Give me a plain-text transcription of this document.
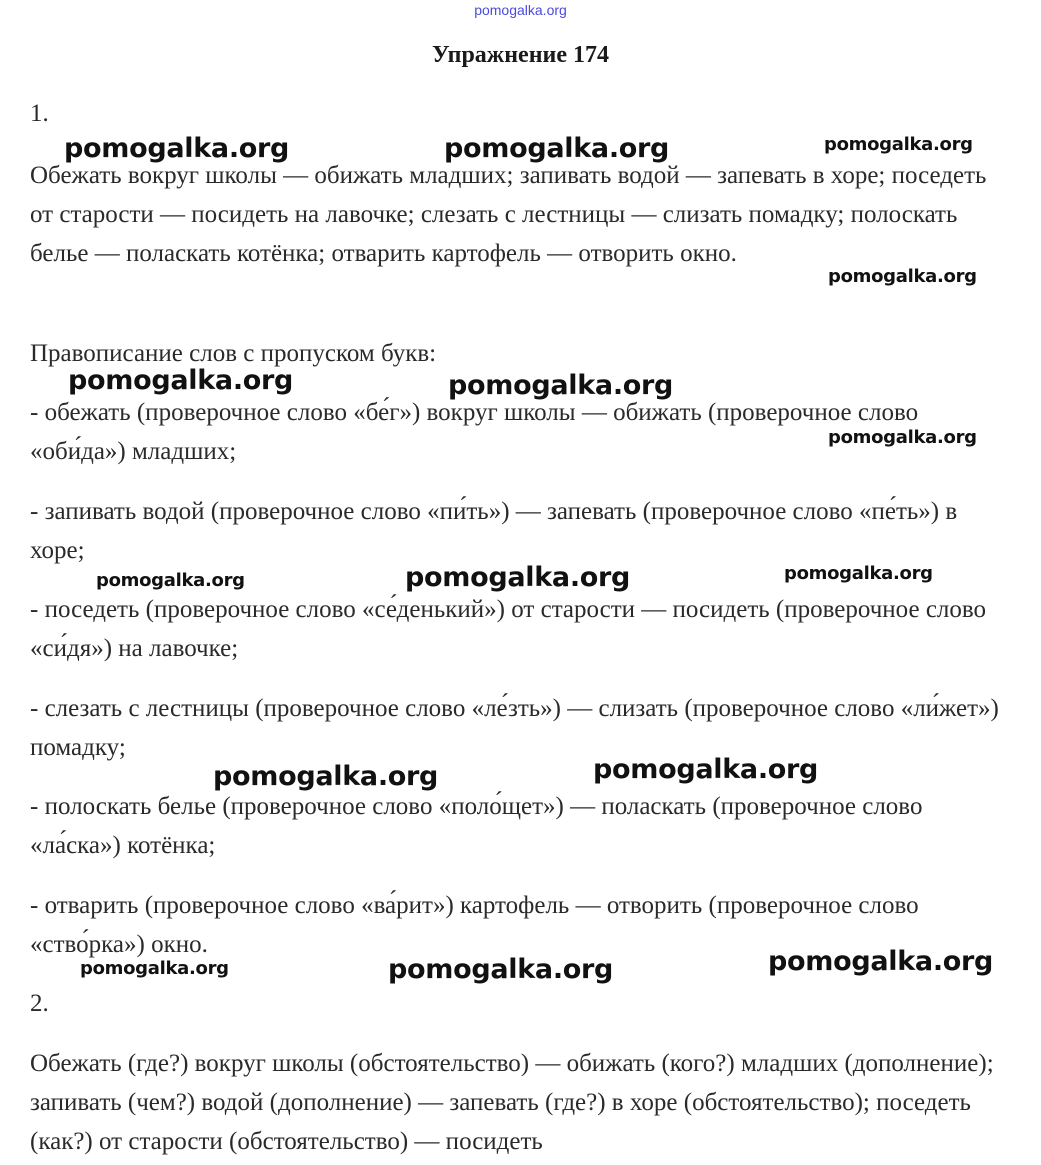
pomogalka.org
Упражнение 174
1.

Обежать вокруг школы — обижать младших; запивать водой — запевать в хоре; поседеть от старости — посидеть на лавочке; слезать с лестницы — слизать помадку; полоскать белье — поласкать котёнка; отварить картофель — отворить окно.

Правописание слов с пропуском букв:

- обежать (проверочное слово «бе́г») вокруг школы — обижать (проверочное слово «оби́да») младших;

- запивать водой (проверочное слово «пи́ть») — запевать (проверочное слово «пе́ть») в хоре;

- поседеть (проверочное слово «се́денький») от старости — посидеть (проверочное слово «си́дя») на лавочке;

- слезать с лестницы (проверочное слово «ле́зть») — слизать (проверочное слово «ли́жет») помадку;

- полоскать белье (проверочное слово «поло́щет») — поласкать (проверочное слово «ла́ска») котёнка;

- отварить (проверочное слово «ва́рит») картофель — отворить (проверочное слово «ство́рка») окно.

2.

Обежать (где?) вокруг школы (обстоятельство) — обижать (кого?) младших (дополнение); запивать (чем?) водой (дополнение) — запевать (где?) в хоре (обстоятельство); поседеть (как?) от старости (обстоятельство) — посидеть

pomogalka.org	pomogalka.org	pomogalka.org
pomogalka.org
pomogalka.org	pomogalka.org
pomogalka.org
pomogalka.org	pomogalka.org	pomogalka.org
pomogalka.org	pomogalka.org
pomogalka.org	pomogalka.org	pomogalka.org
